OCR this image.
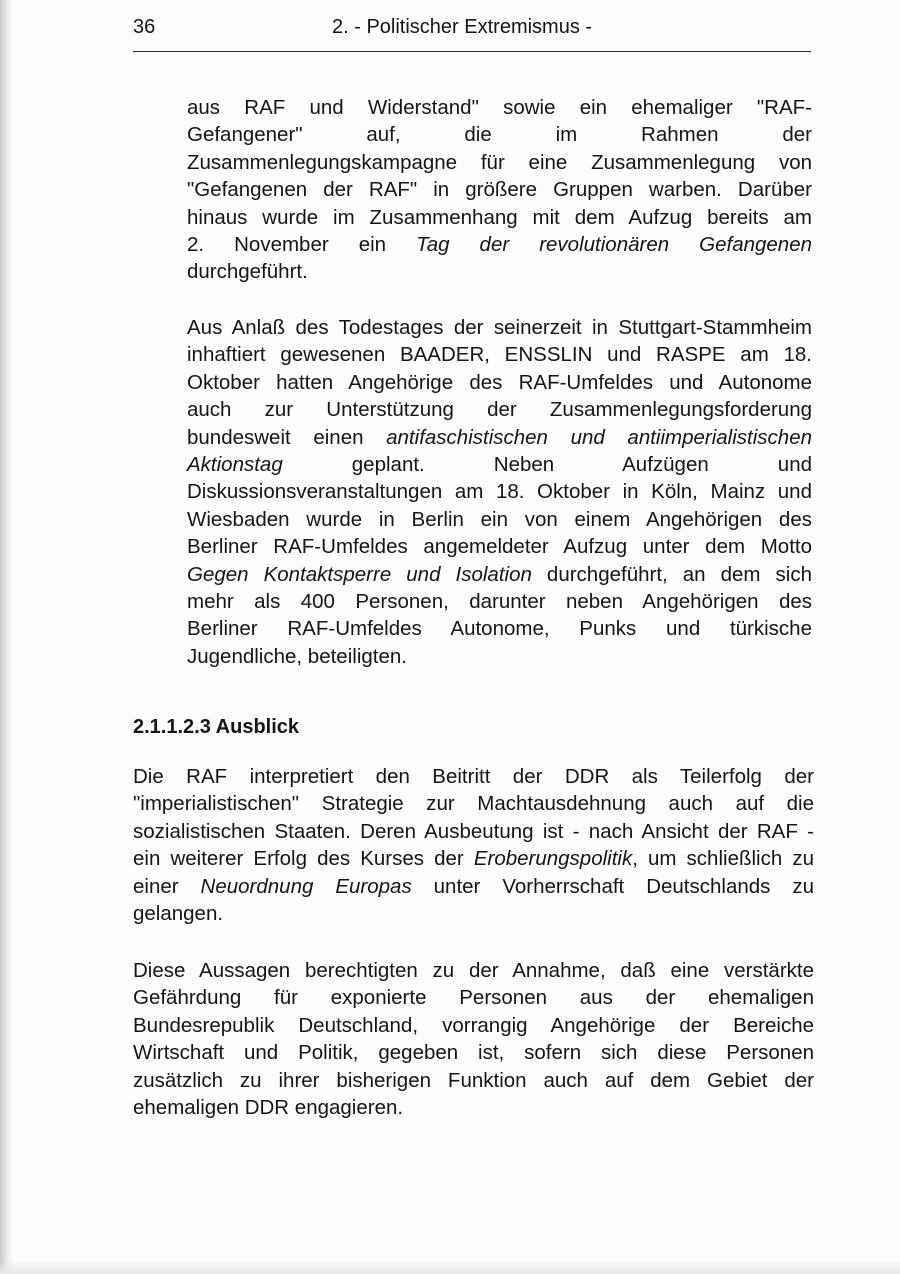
36	2. - Politischer Extremismus -
aus RAF und Widerstand" sowie ein ehemaliger "RAF-
Gefangener" auf, die im Rahmen der
Zusammenlegungskampagne für eine Zusammenlegung von
"Gefangenen der RAF" in größere Gruppen warben. Darüber
hinaus wurde im Zusammenhang mit dem Aufzug bereits am
2. November ein Tag der revolutionären Gefangenen
durchgeführt.
Aus Anlaß des Todestages der seinerzeit in Stuttgart-Stammheim
inhaftiert gewesenen BAADER, ENSSLIN und RASPE am 18.
Oktober hatten Angehörige des RAF-Umfeldes und Autonome
auch zur Unterstützung der Zusammenlegungsforderung
bundesweit einen antifaschistischen und antiimperialistischen
Aktionstag geplant. Neben Aufzügen und
Diskussionsveranstaltungen am 18. Oktober in Köln, Mainz und
Wiesbaden wurde in Berlin ein von einem Angehörigen des
Berliner RAF-Umfeldes angemeldeter Aufzug unter dem Motto
Gegen Kontaktsperre und Isolation durchgeführt, an dem sich
mehr als 400 Personen, darunter neben Angehörigen des
Berliner RAF-Umfeldes Autonome, Punks und türkische
Jugendliche, beteiligten.
2.1.1.2.3 Ausblick
Die RAF interpretiert den Beitritt der DDR als Teilerfolg der
"imperialistischen" Strategie zur Machtausdehnung auch auf die
sozialistischen Staaten. Deren Ausbeutung ist - nach Ansicht der RAF -
ein weiterer Erfolg des Kurses der Eroberungspolitik, um schließlich zu
einer Neuordnung Europas unter Vorherrschaft Deutschlands zu
gelangen.
Diese Aussagen berechtigten zu der Annahme, daß eine verstärkte
Gefährdung für exponierte Personen aus der ehemaligen
Bundesrepublik Deutschland, vorrangig Angehörige der Bereiche
Wirtschaft und Politik, gegeben ist, sofern sich diese Personen
zusätzlich zu ihrer bisherigen Funktion auch auf dem Gebiet der
ehemaligen DDR engagieren.
